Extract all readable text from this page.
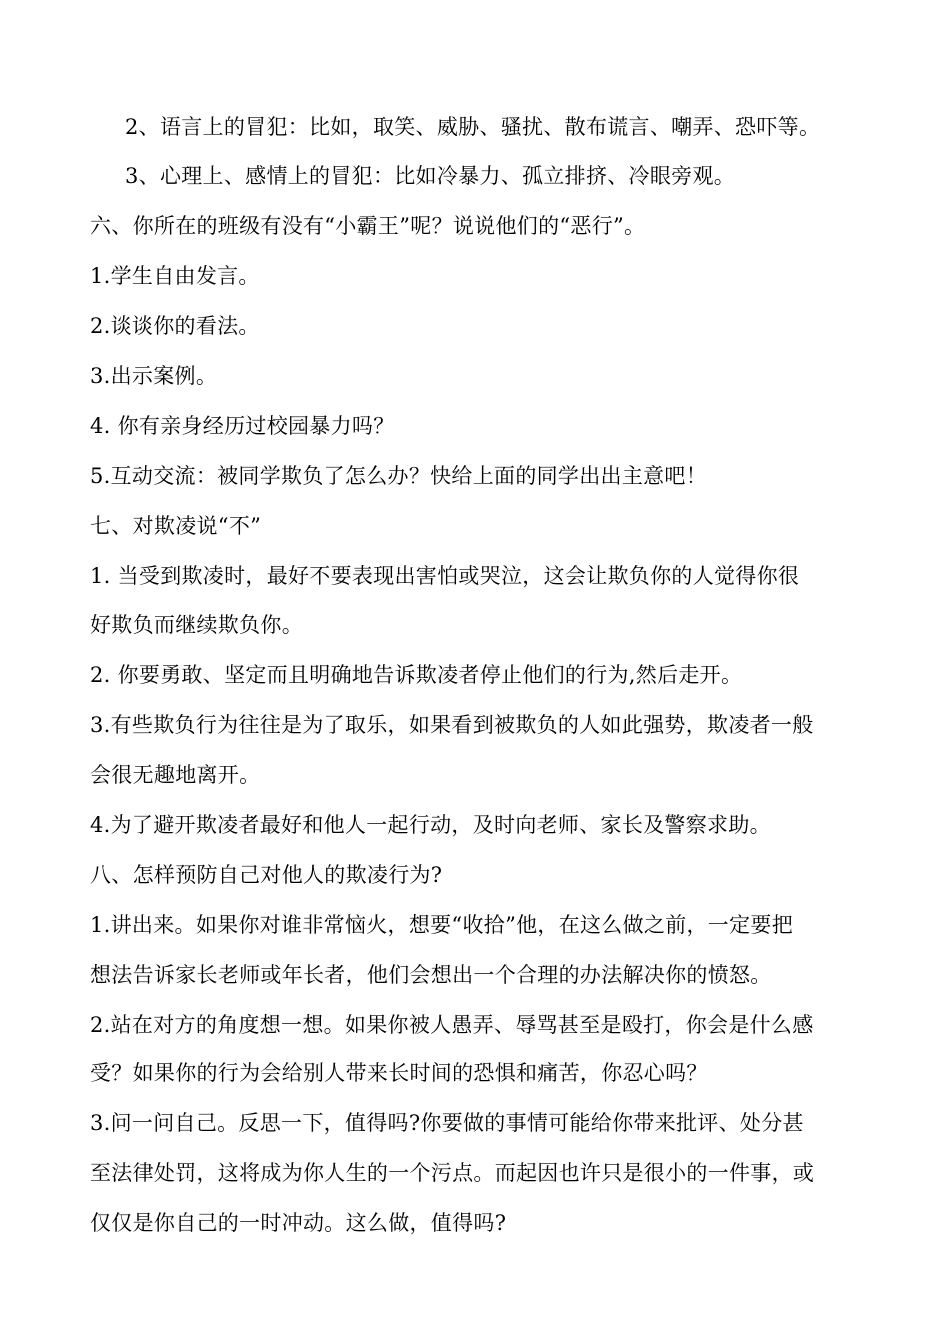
2、语言上的冒犯：比如，取笑、威胁、骚扰、散布谎言、嘲弄、恐吓等。
3、心理上、感情上的冒犯：比如冷暴力、孤立排挤、冷眼旁观。
六、你所在的班级有没有“小霸王”呢？说说他们的“恶行”。
1.学生自由发言。
2.谈谈你的看法。
3.出示案例。
4. 你有亲身经历过校园暴力吗？
5.互动交流：被同学欺负了怎么办？快给上面的同学出出主意吧！
七、对欺凌说“不”
1. 当受到欺凌时，最好不要表现出害怕或哭泣，这会让欺负你的人觉得你很
好欺负而继续欺负你。
2. 你要勇敢、坚定而且明确地告诉欺凌者停止他们的行为,然后走开。
3.有些欺负行为往往是为了取乐，如果看到被欺负的人如此强势，欺凌者一般
会很无趣地离开。
4.为了避开欺凌者最好和他人一起行动，及时向老师、家长及警察求助。
八、怎样预防自己对他人的欺凌行为?
1.讲出来。如果你对谁非常恼火，想要“收拾”他，在这么做之前，一定要把
想法告诉家长老师或年长者，他们会想出一个合理的办法解决你的愤怒。
2.站在对方的角度想一想。如果你被人愚弄、辱骂甚至是殴打，你会是什么感
受？如果你的行为会给别人带来长时间的恐惧和痛苦，你忍心吗？
3.问一问自己。反思一下，值得吗?你要做的事情可能给你带来批评、处分甚
至法律处罚，这将成为你人生的一个污点。而起因也许只是很小的一件事，或
仅仅是你自己的一时冲动。这么做，值得吗?
